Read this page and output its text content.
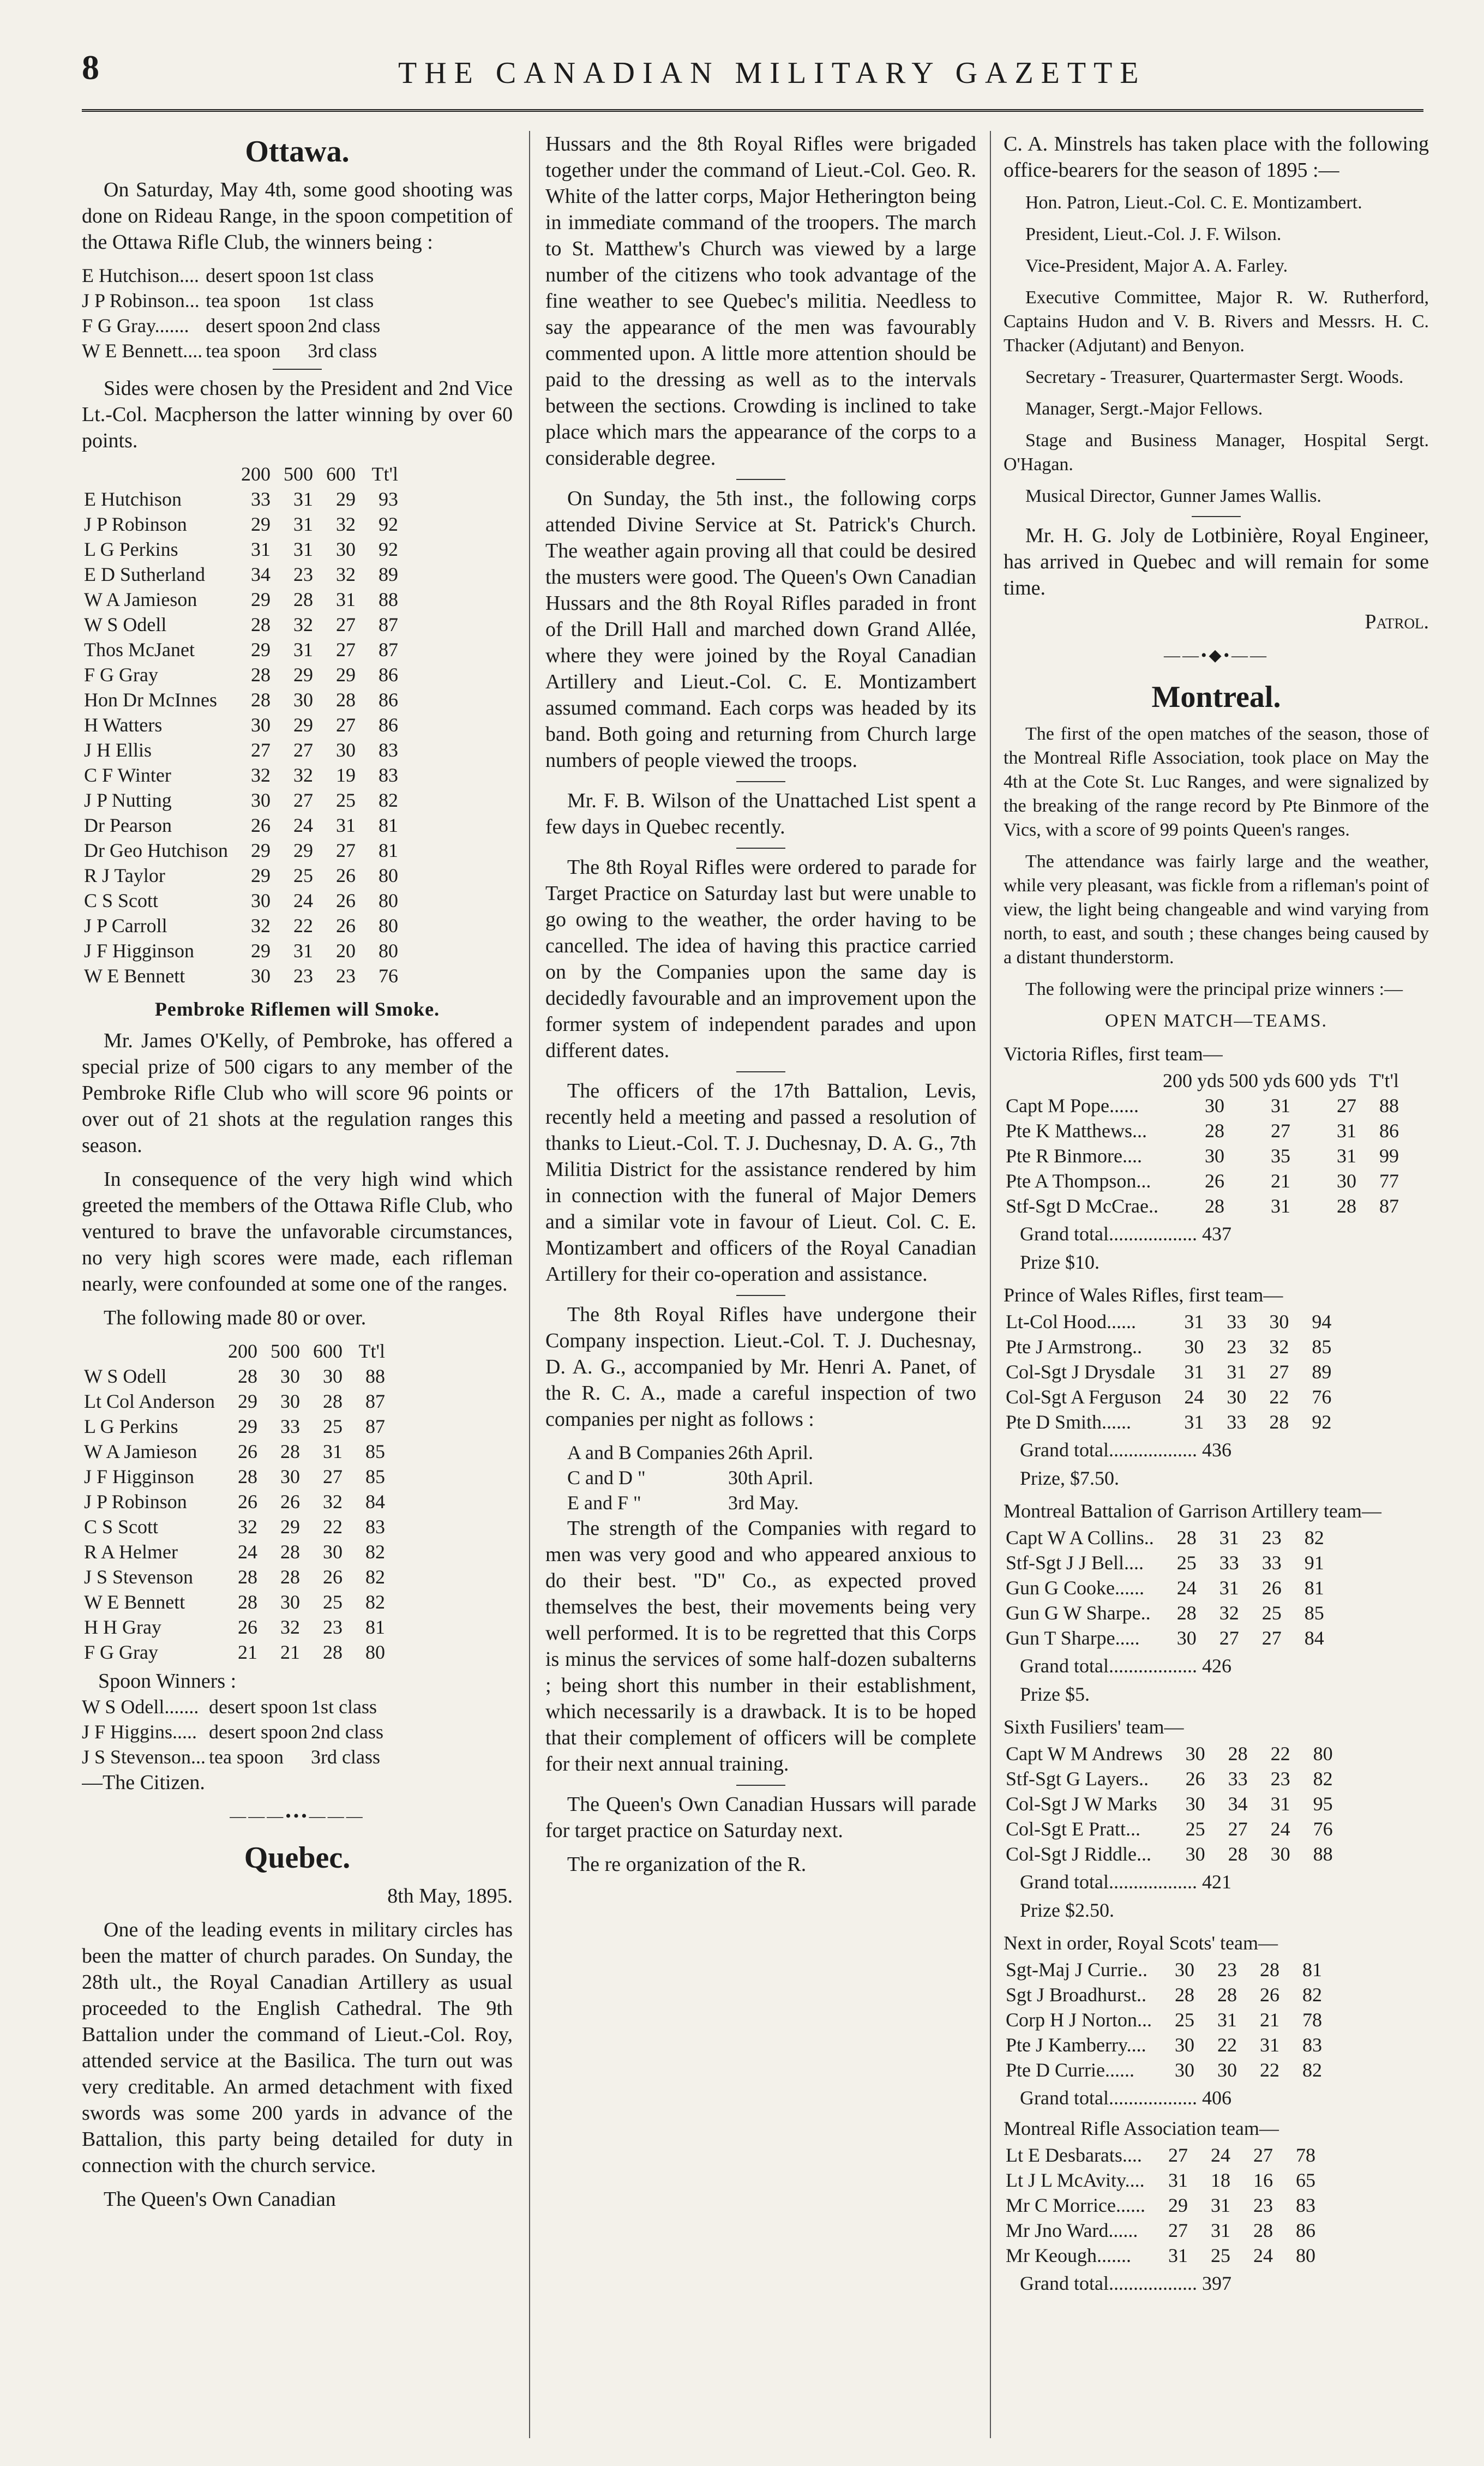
8	THE CANADIAN MILITARY GAZETTE
Ottawa.

On Saturday, May 4th, some good shooting was done on Rideau Range, in the spoon competition of the Ottawa Rifle Club, the winners being :

E Hutchison....	desert spoon	1st class
J P Robinson...	tea spoon	1st class
F G Gray.......	desert spoon	2nd class
W E Bennett....	tea spoon	3rd class

Sides were chosen by the President and 2nd Vice Lt.-Col. Macpherson the latter winning by over 60 points.

	200	500	600	Tt'l
E Hutchison	33	31	29	93
J P Robinson	29	31	32	92
L G Perkins	31	31	30	92
E D Sutherland	34	23	32	89
W A Jamieson	29	28	31	88
W S Odell	28	32	27	87
Thos McJanet	29	31	27	87
F G Gray	28	29	29	86
Hon Dr McInnes	28	30	28	86
H Watters	30	29	27	86
J H Ellis	27	27	30	83
C F Winter	32	32	19	83
J P Nutting	30	27	25	82
Dr Pearson	26	24	31	81
Dr Geo Hutchison	29	29	27	81
R J Taylor	29	25	26	80
C S Scott	30	24	26	80
J P Carroll	32	22	26	80
J F Higginson	29	31	20	80
W E Bennett	30	23	23	76
Pembroke Riflemen will Smoke.

Mr. James O'Kelly, of Pembroke, has offered a special prize of 500 cigars to any member of the Pembroke Rifle Club who will score 96 points or over out of 21 shots at the regulation ranges this season.

In consequence of the very high wind which greeted the members of the Ottawa Rifle Club, who ventured to brave the unfavorable circumstances, no very high scores were made, each rifleman nearly, were confounded at some one of the ranges.

The following made 80 or over.

	200	500	600	Tt'l
W S Odell	28	30	30	88
Lt Col Anderson	29	30	28	87
L G Perkins	29	33	25	87
W A Jamieson	26	28	31	85
J F Higginson	28	30	27	85
J P Robinson	26	26	32	84
C S Scott	32	29	22	83
R A Helmer	24	28	30	82
J S Stevenson	28	28	26	82
W E Bennett	28	30	25	82
H H Gray	26	32	23	81
F G Gray	21	21	28	80

Spoon Winners :

W S Odell.......	desert spoon	1st class
J F Higgins.....	desert spoon	2nd class
J S Stevenson...	tea spoon	3rd class

—The Citizen.

———•••———
Quebec.

8th May, 1895.

One of the leading events in military circles has been the matter of church parades. On Sunday, the 28th ult., the Royal Canadian Artillery as usual proceeded to the English Cathedral. The 9th Battalion under the command of Lieut.-Col. Roy, attended service at the Basilica. The turn out was very creditable. An armed detachment with fixed swords was some 200 yards in advance of the Battalion, this party being detailed for duty in connection with the church service.

The Queen's Own Canadian

Hussars and the 8th Royal Rifles were brigaded together under the command of Lieut.-Col. Geo. R. White of the latter corps, Major Hetherington being in immediate command of the troopers. The march to St. Matthew's Church was viewed by a large number of the citizens who took advantage of the fine weather to see Quebec's militia. Needless to say the appearance of the men was favourably commented upon. A little more attention should be paid to the dressing as well as to the intervals between the sections. Crowding is inclined to take place which mars the appearance of the corps to a considerable degree.

On Sunday, the 5th inst., the following corps attended Divine Service at St. Patrick's Church. The weather again proving all that could be desired the musters were good. The Queen's Own Canadian Hussars and the 8th Royal Rifles paraded in front of the Drill Hall and marched down Grand Allée, where they were joined by the Royal Canadian Artillery and Lieut.-Col. C. E. Montizambert assumed command. Each corps was headed by its band. Both going and returning from Church large numbers of people viewed the troops.

Mr. F. B. Wilson of the Unattached List spent a few days in Quebec recently.

The 8th Royal Rifles were ordered to parade for Target Practice on Saturday last but were unable to go owing to the weather, the order having to be cancelled. The idea of having this practice carried on by the Companies upon the same day is decidedly favourable and an improvement upon the former system of independent parades and upon different dates.

The officers of the 17th Battalion, Levis, recently held a meeting and passed a resolution of thanks to Lieut.-Col. T. J. Duchesnay, D. A. G., 7th Militia District for the assistance rendered by him in connection with the funeral of Major Demers and a similar vote in favour of Lieut. Col. C. E. Montizambert and officers of the Royal Canadian Artillery for their co-operation and assistance.

The 8th Royal Rifles have undergone their Company inspection. Lieut.-Col. T. J. Duchesnay, D. A. G., accompanied by Mr. Henri A. Panet, of the R. C. A., made a careful inspection of two companies per night as follows :

A and B Companies	26th April.
C and D "	30th April.
E and F "	3rd May.

The strength of the Companies with regard to men was very good and who appeared anxious to do their best. "D" Co., as expected proved themselves the best, their movements being very well performed. It is to be regretted that this Corps is minus the services of some half-dozen subalterns ; being short this number in their establishment, which necessarily is a drawback. It is to be hoped that their complement of officers will be complete for their next annual training.

The Queen's Own Canadian Hussars will parade for target practice on Saturday next.

The re organization of the R.

C. A. Minstrels has taken place with the following office-bearers for the season of 1895 :—

Hon. Patron, Lieut.-Col. C. E. Montizambert.

President, Lieut.-Col. J. F. Wilson.

Vice-President, Major A. A. Farley.

Executive Committee, Major R. W. Rutherford, Captains Hudon and V. B. Rivers and Messrs. H. C. Thacker (Adjutant) and Benyon.

Secretary - Treasurer, Quartermaster Sergt. Woods.

Manager, Sergt.-Major Fellows.

Stage and Business Manager, Hospital Sergt. O'Hagan.

Musical Director, Gunner James Wallis.

Mr. H. G. Joly de Lotbinière, Royal Engineer, has arrived in Quebec and will remain for some time.

Patrol.

——•◆•——
Montreal.

The first of the open matches of the season, those of the Montreal Rifle Association, took place on May the 4th at the Cote St. Luc Ranges, and were signalized by the breaking of the range record by Pte Binmore of the Vics, with a score of 99 points Queen's ranges.

The attendance was fairly large and the weather, while very pleasant, was fickle from a rifleman's point of view, the light being changeable and wind varying from north, to east, and south ; these changes being caused by a distant thunderstorm.

The following were the principal prize winners :—

OPEN MATCH—TEAMS.

Victoria Rifles, first team—

	200 yds	500 yds	600 yds	T't'l
Capt M Pope......	30	31	27	88
Pte K Matthews...	28	27	31	86
Pte R Binmore....	30	35	31	99
Pte A Thompson...	26	21	30	77
Stf-Sgt D McCrae..	28	31	28	87

Grand total.................. 437

Prize $10.

Prince of Wales Rifles, first team—

Lt-Col Hood......	31	33	30	94
Pte J Armstrong..	30	23	32	85
Col-Sgt J Drysdale	31	31	27	89
Col-Sgt A Ferguson	24	30	22	76
Pte D Smith......	31	33	28	92

Grand total.................. 436

Prize, $7.50.

Montreal Battalion of Garrison Artillery team—

Capt W A Collins..	28	31	23	82
Stf-Sgt J J Bell....	25	33	33	91
Gun G Cooke......	24	31	26	81
Gun G W Sharpe..	28	32	25	85
Gun T Sharpe.....	30	27	27	84

Grand total.................. 426

Prize $5.

Sixth Fusiliers' team—

Capt W M Andrews	30	28	22	80
Stf-Sgt G Layers..	26	33	23	82
Col-Sgt J W Marks	30	34	31	95
Col-Sgt E Pratt...	25	27	24	76
Col-Sgt J Riddle...	30	28	30	88

Grand total.................. 421

Prize $2.50.

Next in order, Royal Scots' team—

Sgt-Maj J Currie..	30	23	28	81
Sgt J Broadhurst..	28	28	26	82
Corp H J Norton...	25	31	21	78
Pte J Kamberry....	30	22	31	83
Pte D Currie......	30	30	22	82

Grand total.................. 406

Montreal Rifle Association team—

Lt E Desbarats....	27	24	27	78
Lt J L McAvity....	31	18	16	65
Mr C Morrice......	29	31	23	83
Mr Jno Ward......	27	31	28	86
Mr Keough.......	31	25	24	80

Grand total.................. 397
